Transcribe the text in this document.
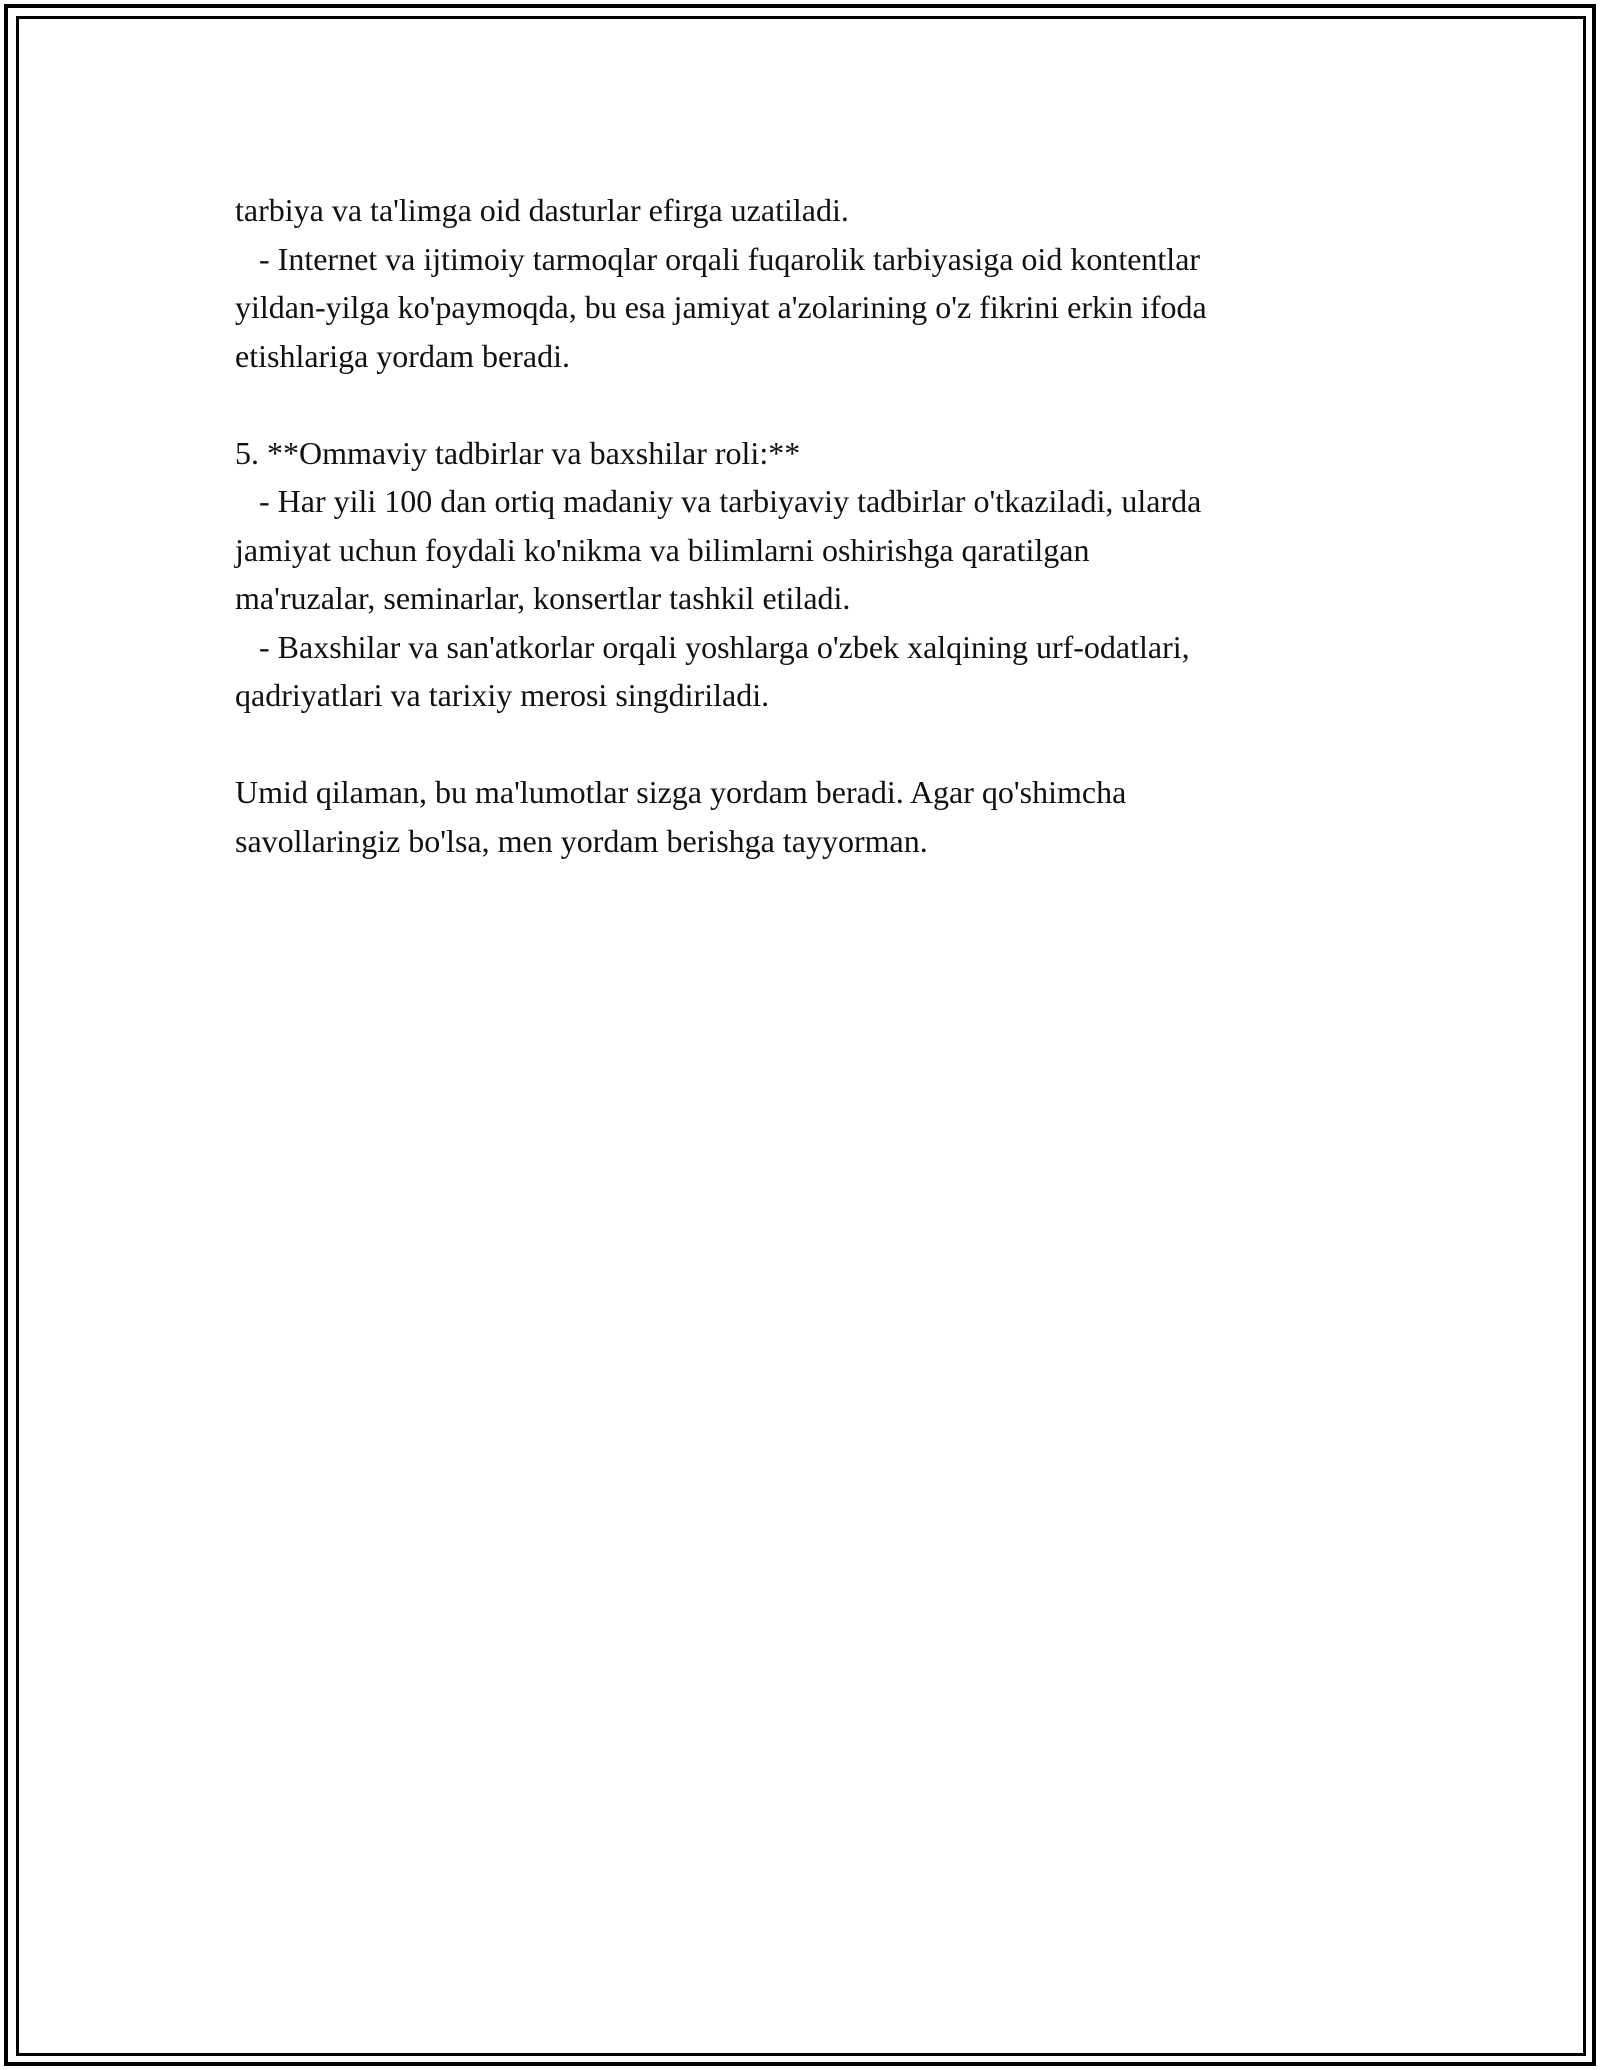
tarbiya va ta'limga oid dasturlar efirga uzatiladi.
- Internet va ijtimoiy tarmoqlar orqali fuqarolik tarbiyasiga oid kontentlar
yildan-yilga ko'paymoqda, bu esa jamiyat a'zolarining o'z fikrini erkin ifoda
etishlariga yordam beradi.
5. **Ommaviy tadbirlar va baxshilar roli:**
- Har yili 100 dan ortiq madaniy va tarbiyaviy tadbirlar o'tkaziladi, ularda
jamiyat uchun foydali ko'nikma va bilimlarni oshirishga qaratilgan
ma'ruzalar, seminarlar, konsertlar tashkil etiladi.
- Baxshilar va san'atkorlar orqali yoshlarga o'zbek xalqining urf-odatlari,
qadriyatlari va tarixiy merosi singdiriladi.
Umid qilaman, bu ma'lumotlar sizga yordam beradi. Agar qo'shimcha
savollaringiz bo'lsa, men yordam berishga tayyorman.
